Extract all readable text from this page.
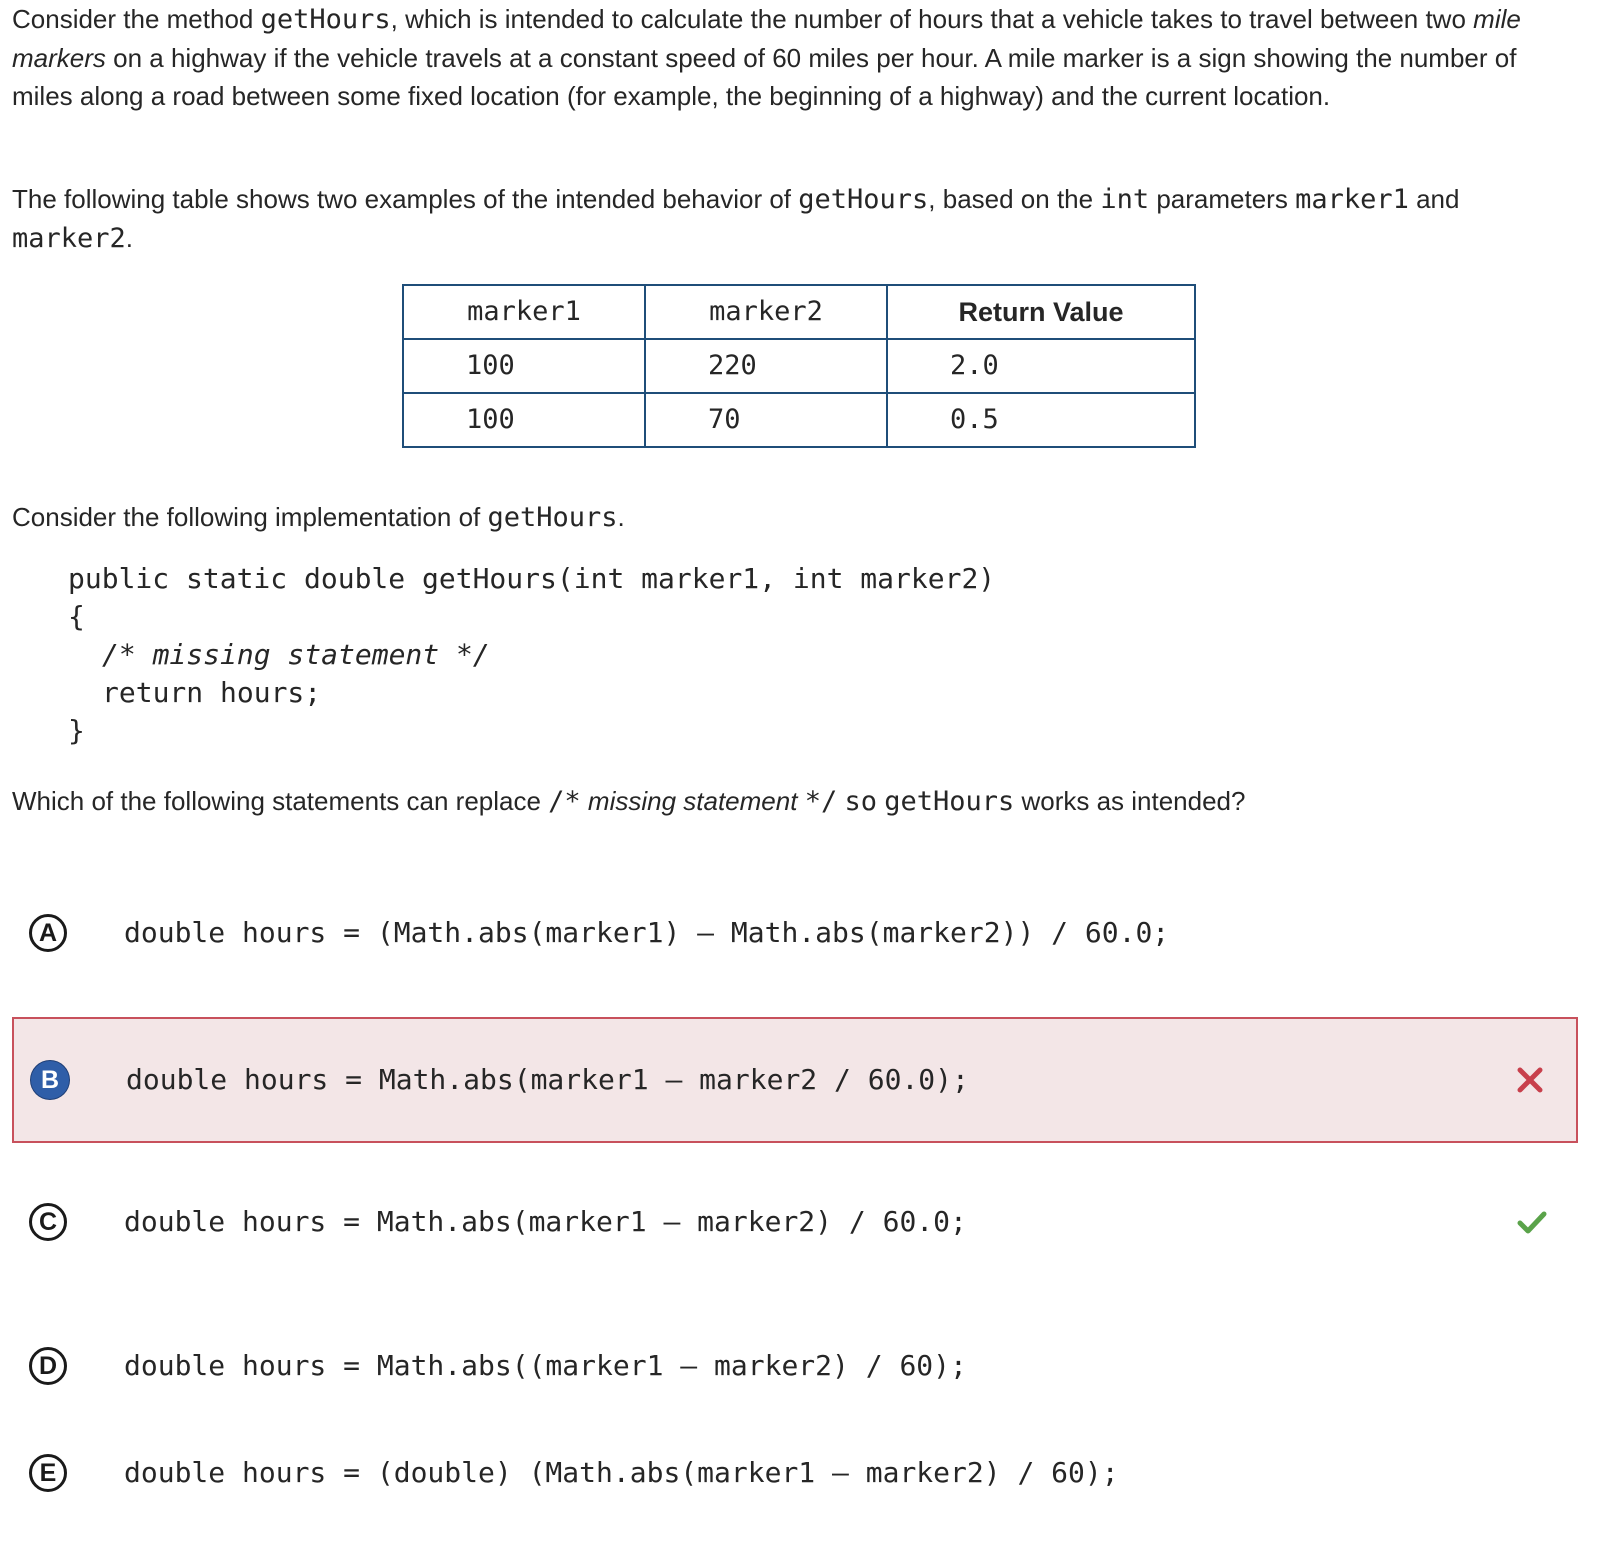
Consider the method getHours, which is intended to calculate the number of hours that a vehicle takes to travel between two mile markers on a highway if the vehicle travels at a constant speed of 60 miles per hour. A mile marker is a sign showing the number of miles along a road between some fixed location (for example, the beginning of a highway) and the current location.

The following table shows two examples of the intended behavior of getHours, based on the int parameters marker1 and marker2.

marker1	marker2	Return Value
100	220	2.0
100	70	0.5

Consider the following implementation of getHours.

public static double getHours(int marker1, int marker2)
{
/* missing statement */
return hours;
}

Which of the following statements can replace /* missing statement */ so getHours works as intended?

A	double hours = (Math.abs(marker1) – Math.abs(marker2)) / 60.0;
B	double hours = Math.abs(marker1 – marker2 / 60.0);
C	double hours = Math.abs(marker1 – marker2) / 60.0;
D	double hours = Math.abs((marker1 – marker2) / 60);
E	double hours = (double) (Math.abs(marker1 – marker2) / 60);
